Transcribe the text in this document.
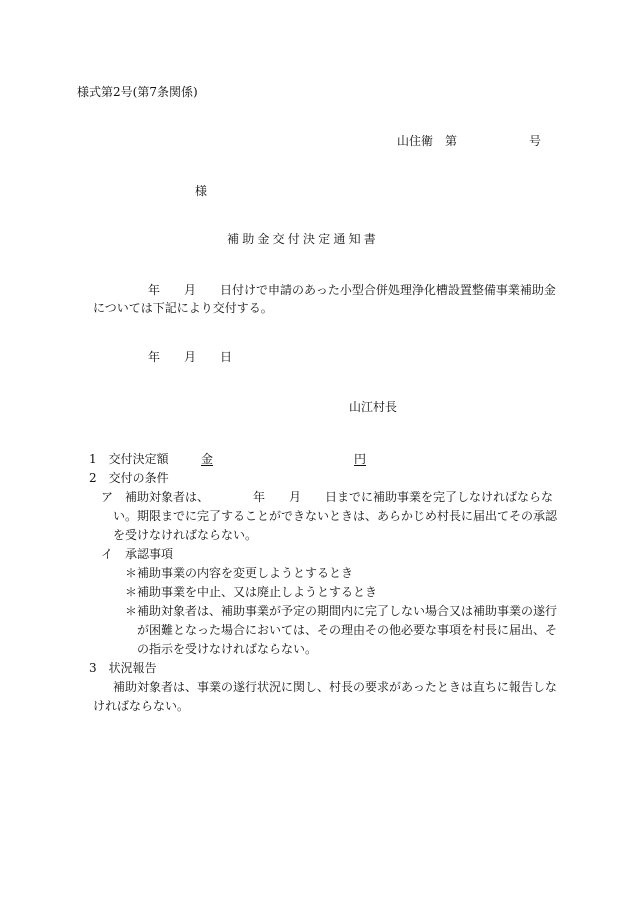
様式第2号(第7条関係)
山住衛　第　　　　　　号
様
補助金交付決定通知書
年 月 日付けで申請のあった小型合併処理浄化槽設置整備事業補助金
については下記により交付する。
年 月 日
山江村長
1　交付決定額	金	円
2　交付の条件
ア　補助対象者は、	年 月 日までに補助事業を完了しなければならな
い。期限までに完了することができないときは、あらかじめ村長に届出てその承認
を受けなければならない。
イ　承認事項
＊補助事業の内容を変更しようとするとき
＊補助事業を中止、又は廃止しようとするとき
＊補助対象者は、補助事業が予定の期間内に完了しない場合又は補助事業の遂行
が困難となった場合においては、その理由その他必要な事項を村長に届出、そ
の指示を受けなければならない。
3　状況報告
補助対象者は、事業の遂行状況に関し、村長の要求があったときは直ちに報告しな
ければならない。
